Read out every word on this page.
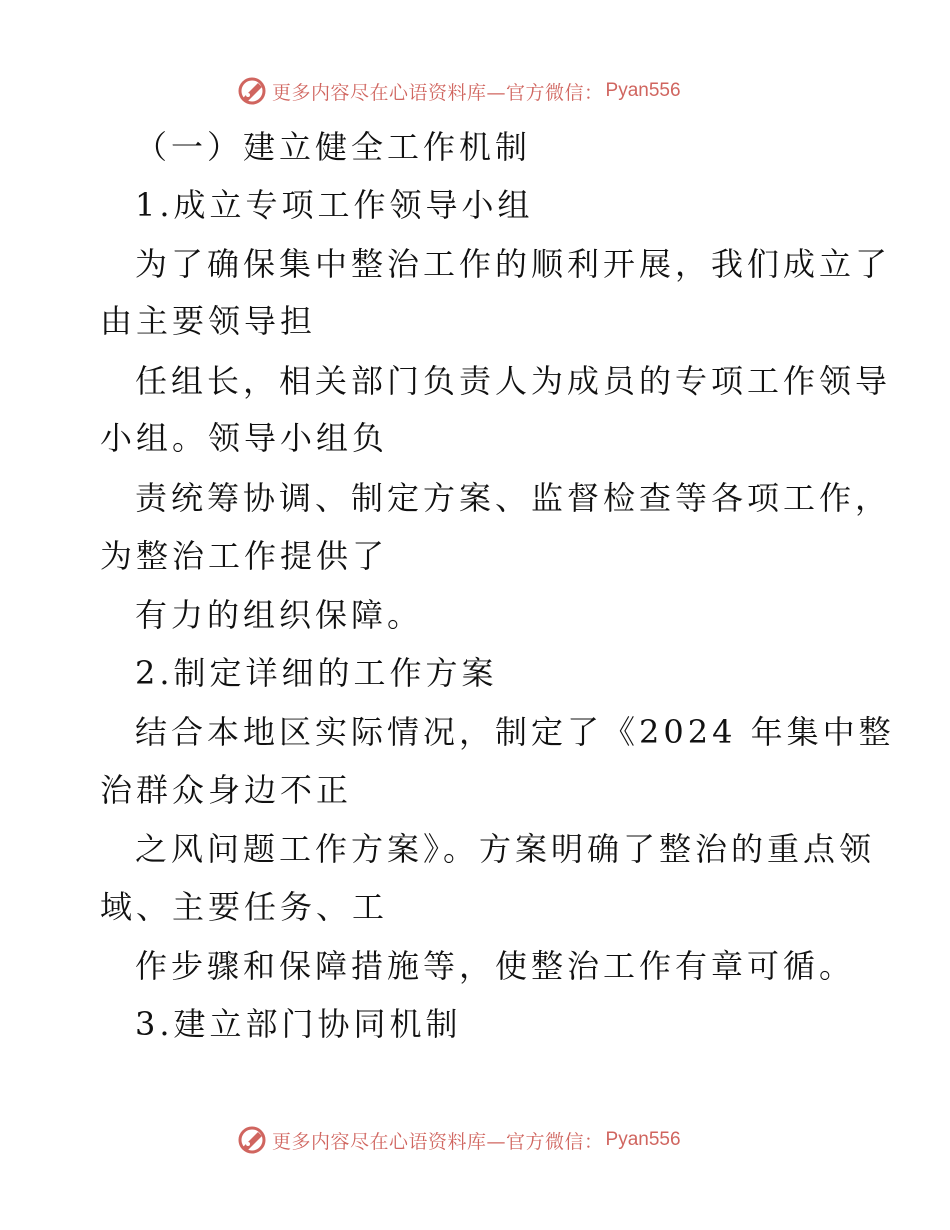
更多内容尽在心语资料库—官方微信： Pyan556
（一）建立健全工作机制
1.成立专项工作领导小组
为了确保集中整治工作的顺利开展，我们成立了
由主要领导担
任组长，相关部门负责人为成员的专项工作领导
小组。领导小组负
责统筹协调、制定方案、监督检查等各项工作，
为整治工作提供了
有力的组织保障。
2.制定详细的工作方案
结合本地区实际情况，制定了《2024 年集中整
治群众身边不正
之风问题工作方案》。方案明确了整治的重点领
域、主要任务、工
作步骤和保障措施等，使整治工作有章可循。
3.建立部门协同机制
更多内容尽在心语资料库—官方微信： Pyan556
